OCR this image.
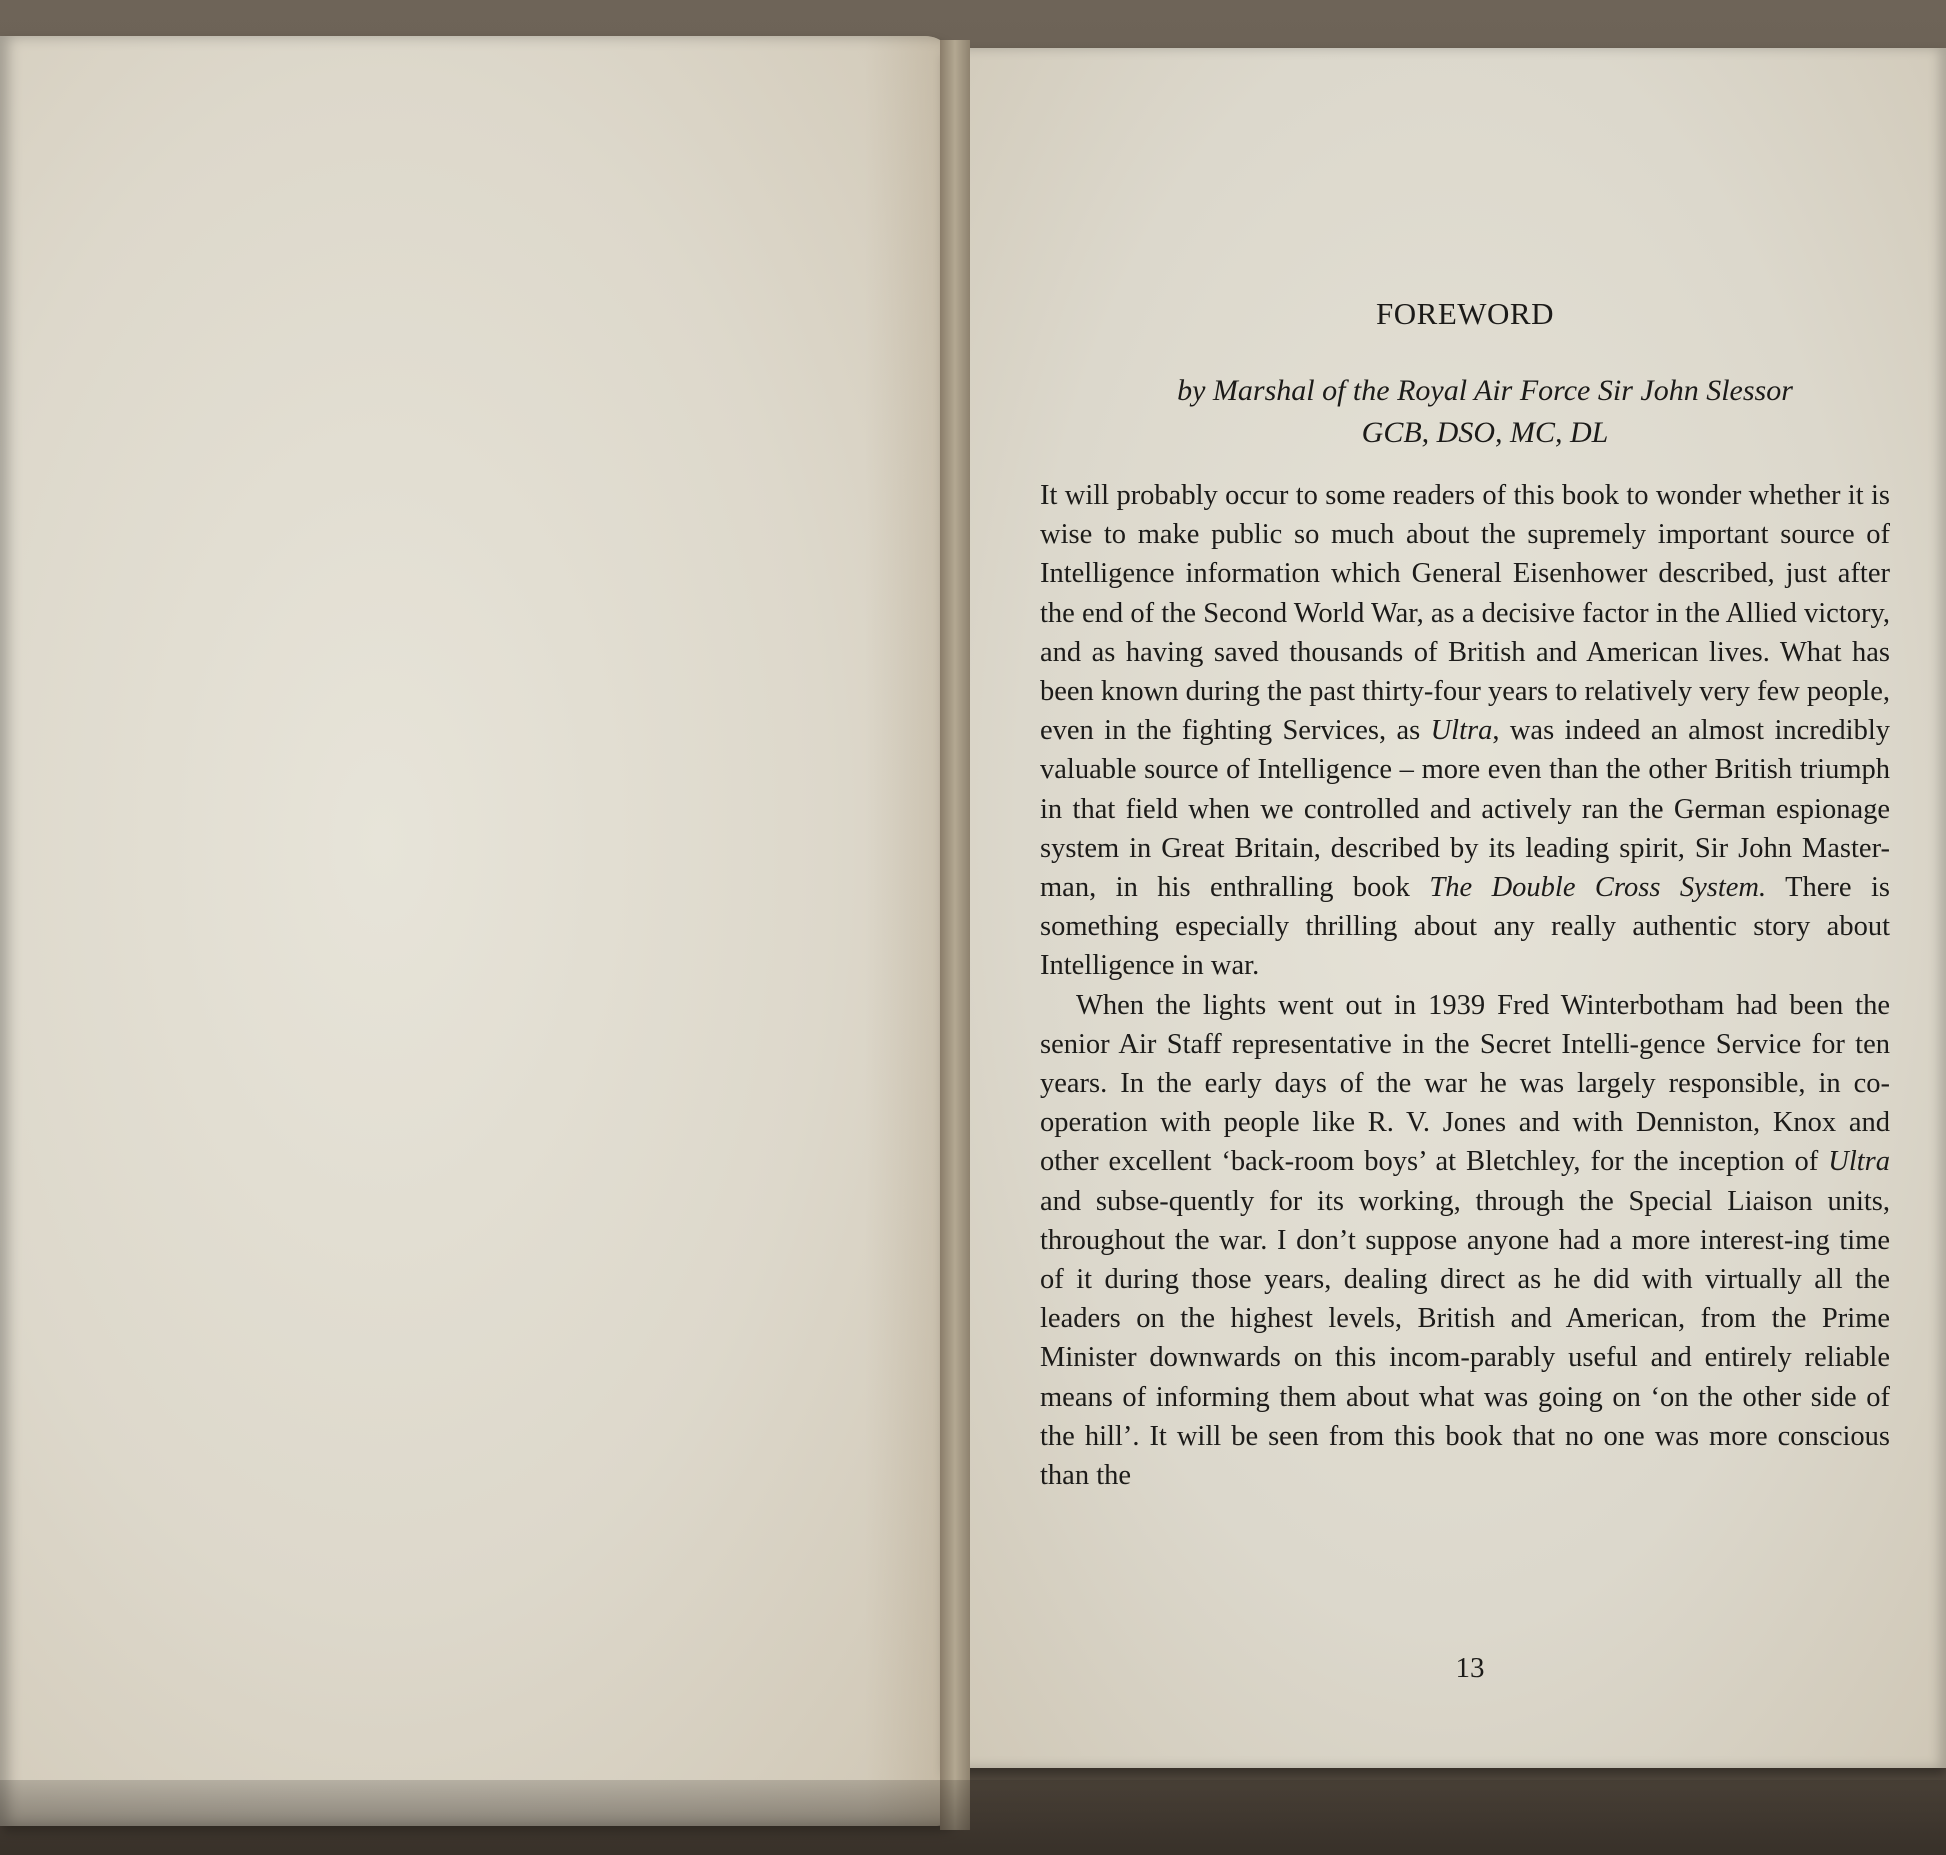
FOREWORD
by Marshal of the Royal Air Force Sir John Slessor
GCB, DSO, MC, DL

It will probably occur to some readers of this book to wonder whether it is wise to make public so much about the supremely important source of Intelligence information which General Eisenhower described, just after the end of the Second World War, as a decisive factor in the Allied victory, and as having saved thousands of British and American lives. What has been known during the past thirty-four years to relatively very few people, even in the fighting Services, as Ultra, was indeed an almost incredibly valuable source of Intelligence – more even than the other British triumph in that field when we controlled and actively ran the German espionage system in Great Britain, described by its leading spirit, Sir John Master-man, in his enthralling book The Double Cross System. There is something especially thrilling about any really authentic story about Intelligence in war.

When the lights went out in 1939 Fred Winterbotham had been the senior Air Staff representative in the Secret Intelli-gence Service for ten years. In the early days of the war he was largely responsible, in co-operation with people like R. V. Jones and with Denniston, Knox and other excellent ‘back-room boys’ at Bletchley, for the inception of Ultra and subse-quently for its working, through the Special Liaison units, throughout the war. I don’t suppose anyone had a more interest-ing time of it during those years, dealing direct as he did with virtually all the leaders on the highest levels, British and American, from the Prime Minister downwards on this incom-parably useful and entirely reliable means of informing them about what was going on ‘on the other side of the hill’. It will be seen from this book that no one was more conscious than the

13
